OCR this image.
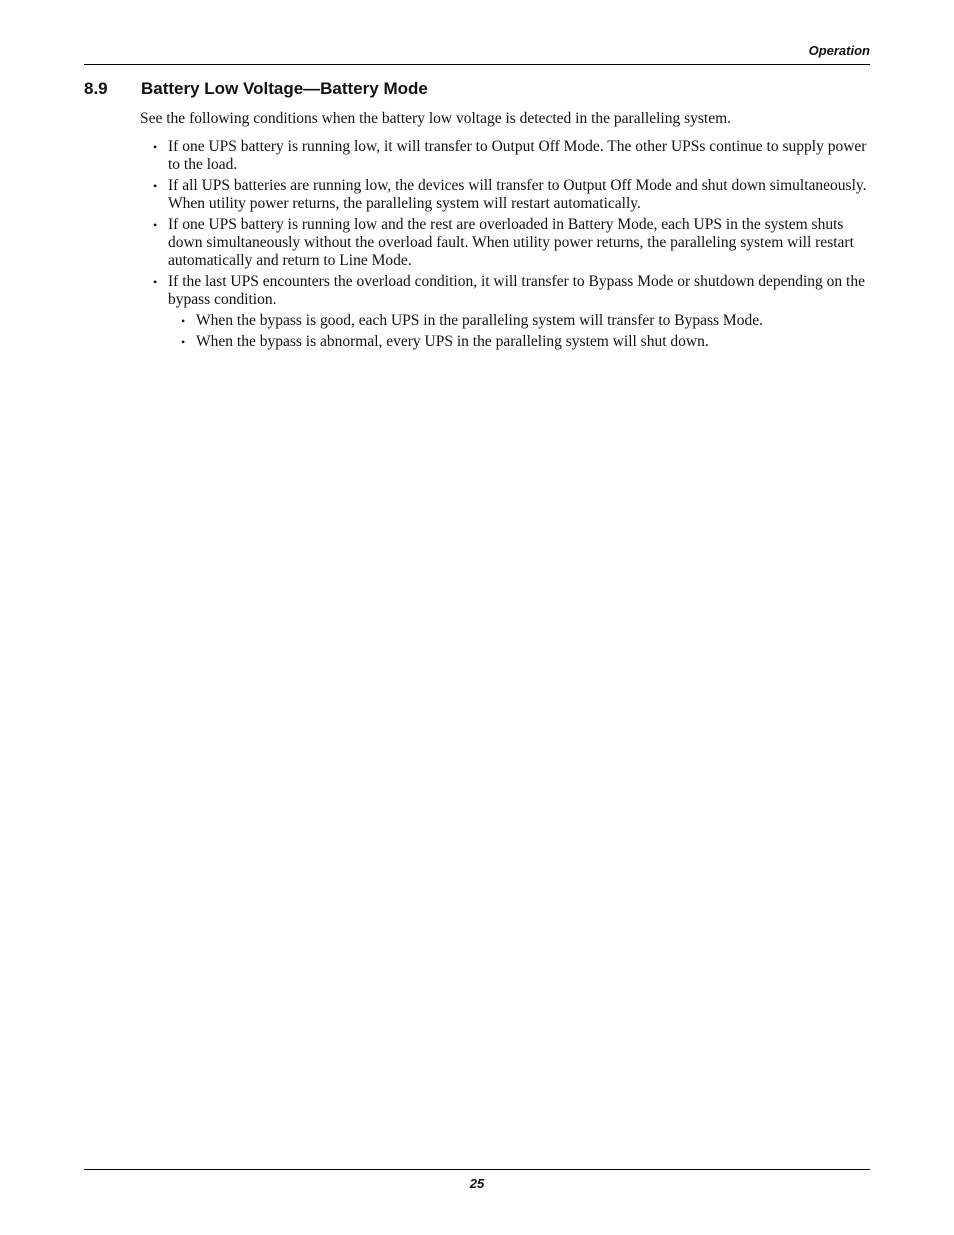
Operation
8.9	Battery Low Voltage—Battery Mode

See the following conditions when the battery low voltage is detected in the paralleling system.

• If one UPS battery is running low, it will transfer to Output Off Mode. The other UPSs continue to supply power to the load.
• If all UPS batteries are running low, the devices will transfer to Output Off Mode and shut down simultaneously. When utility power returns, the paralleling system will restart automatically.
• If one UPS battery is running low and the rest are overloaded in Battery Mode, each UPS in the system shuts down simultaneously without the overload fault. When utility power returns, the paralleling system will restart automatically and return to Line Mode.
• If the last UPS encounters the overload condition, it will transfer to Bypass Mode or shutdown depending on the bypass condition.
• When the bypass is good, each UPS in the paralleling system will transfer to Bypass Mode.
• When the bypass is abnormal, every UPS in the paralleling system will shut down.
25
